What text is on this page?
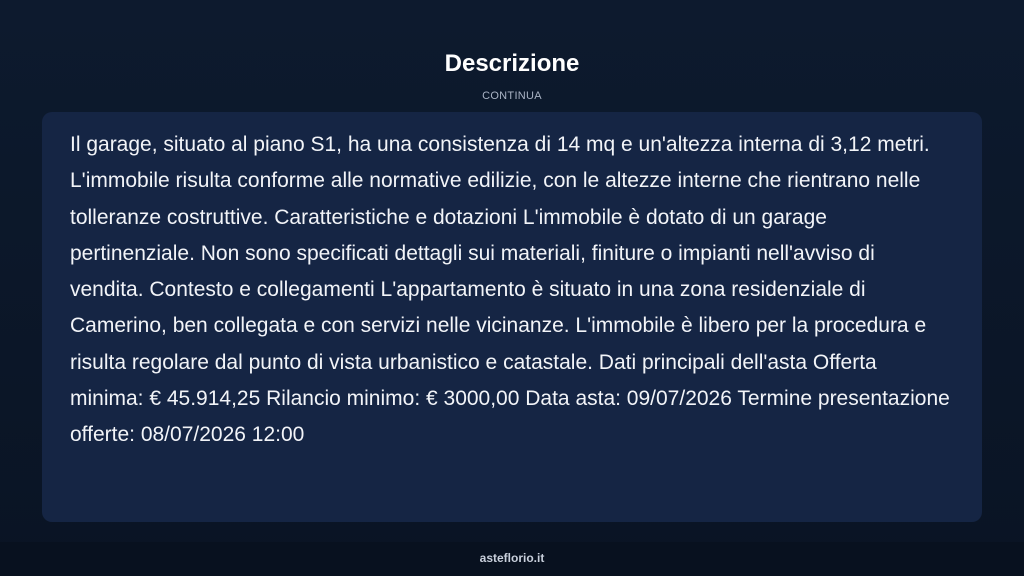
Descrizione
CONTINUA

Il garage, situato al piano S1, ha una consistenza di 14 mq e un'altezza interna di 3,12 metri. L'immobile risulta conforme alle normative edilizie, con le altezze interne che rientrano nelle tolleranze costruttive. Caratteristiche e dotazioni L'immobile è dotato di un garage pertinenziale. Non sono specificati dettagli sui materiali, finiture o impianti nell'avviso di vendita. Contesto e collegamenti L'appartamento è situato in una zona residenziale di Camerino, ben collegata e con servizi nelle vicinanze. L'immobile è libero per la procedura e risulta regolare dal punto di vista urbanistico e catastale. Dati principali dell'asta Offerta minima: € 45.914,25 Rilancio minimo: € 3000,00 Data asta: 09/07/2026 Termine presentazione offerte: 08/07/2026 12:00

asteflorio.it
